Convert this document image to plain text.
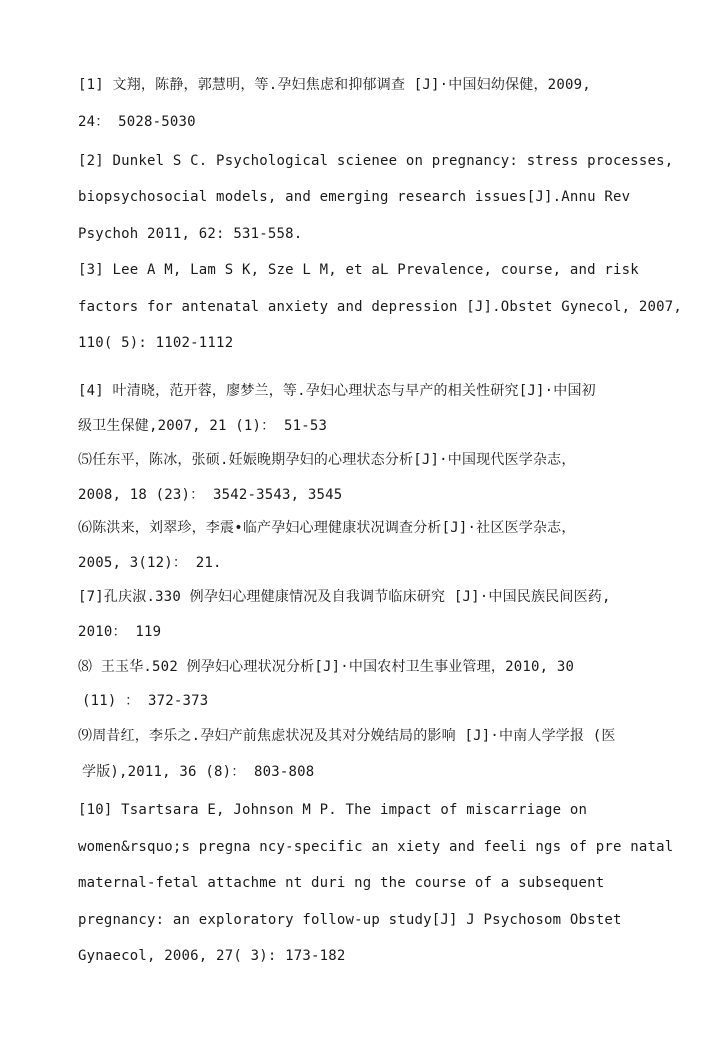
[1] 文翔，陈静，郭慧明，等.孕妇焦虑和抑郁调查 [J]·中国妇幼保健，2009,
24： 5028-5030
[2] Dunkel S C. Psychological scienee on pregnancy: stress processes,
biopsychosocial models, and emerging research issues[J].Annu Rev
Psychoh 2011, 62: 531-558.
[3] Lee A M, Lam S K, Sze L M, et aL Prevalence, course, and risk
factors for antenatal anxiety and depression [J].Obstet Gynecol, 2007,
110( 5): 1102-1112
[4] 叶清晓，范开蓉，廖梦兰，等.孕妇心理状态与早产的相关性研究[J]·中国初
级卫生保健,2007, 21 (1)： 51-53
⑸任东平，陈冰，张硕.妊娠晚期孕妇的心理状态分析[J]·中国现代医学杂志，
2008, 18 (23)： 3542-3543, 3545
⑹陈洪来，刘翠珍，李震•临产孕妇心理健康状况调查分析[J]·社区医学杂志，
2005, 3(12)： 21.
[7]孔庆淑.330 例孕妇心理健康情况及自我调节临床研究 [J]·中国民族民间医药,
2010： 119
⑻ 王玉华.502 例孕妇心理状况分析[J]·中国农村卫生事业管理，2010, 30
(11) ： 372-373
⑼周昔红，李乐之.孕妇产前焦虑状况及其对分娩结局的影响 [J]·中南人学学报 (医
学版),2011, 36 (8)： 803-808
[10] Tsartsara E, Johnson M P. The impact of miscarriage on
women&rsquo;s pregna ncy-specific an xiety and feeli ngs of pre natal
maternal-fetal attachme nt duri ng the course of a subsequent
pregnancy: an exploratory follow-up study[J] J Psychosom Obstet
Gynaecol, 2006, 27( 3): 173-182
